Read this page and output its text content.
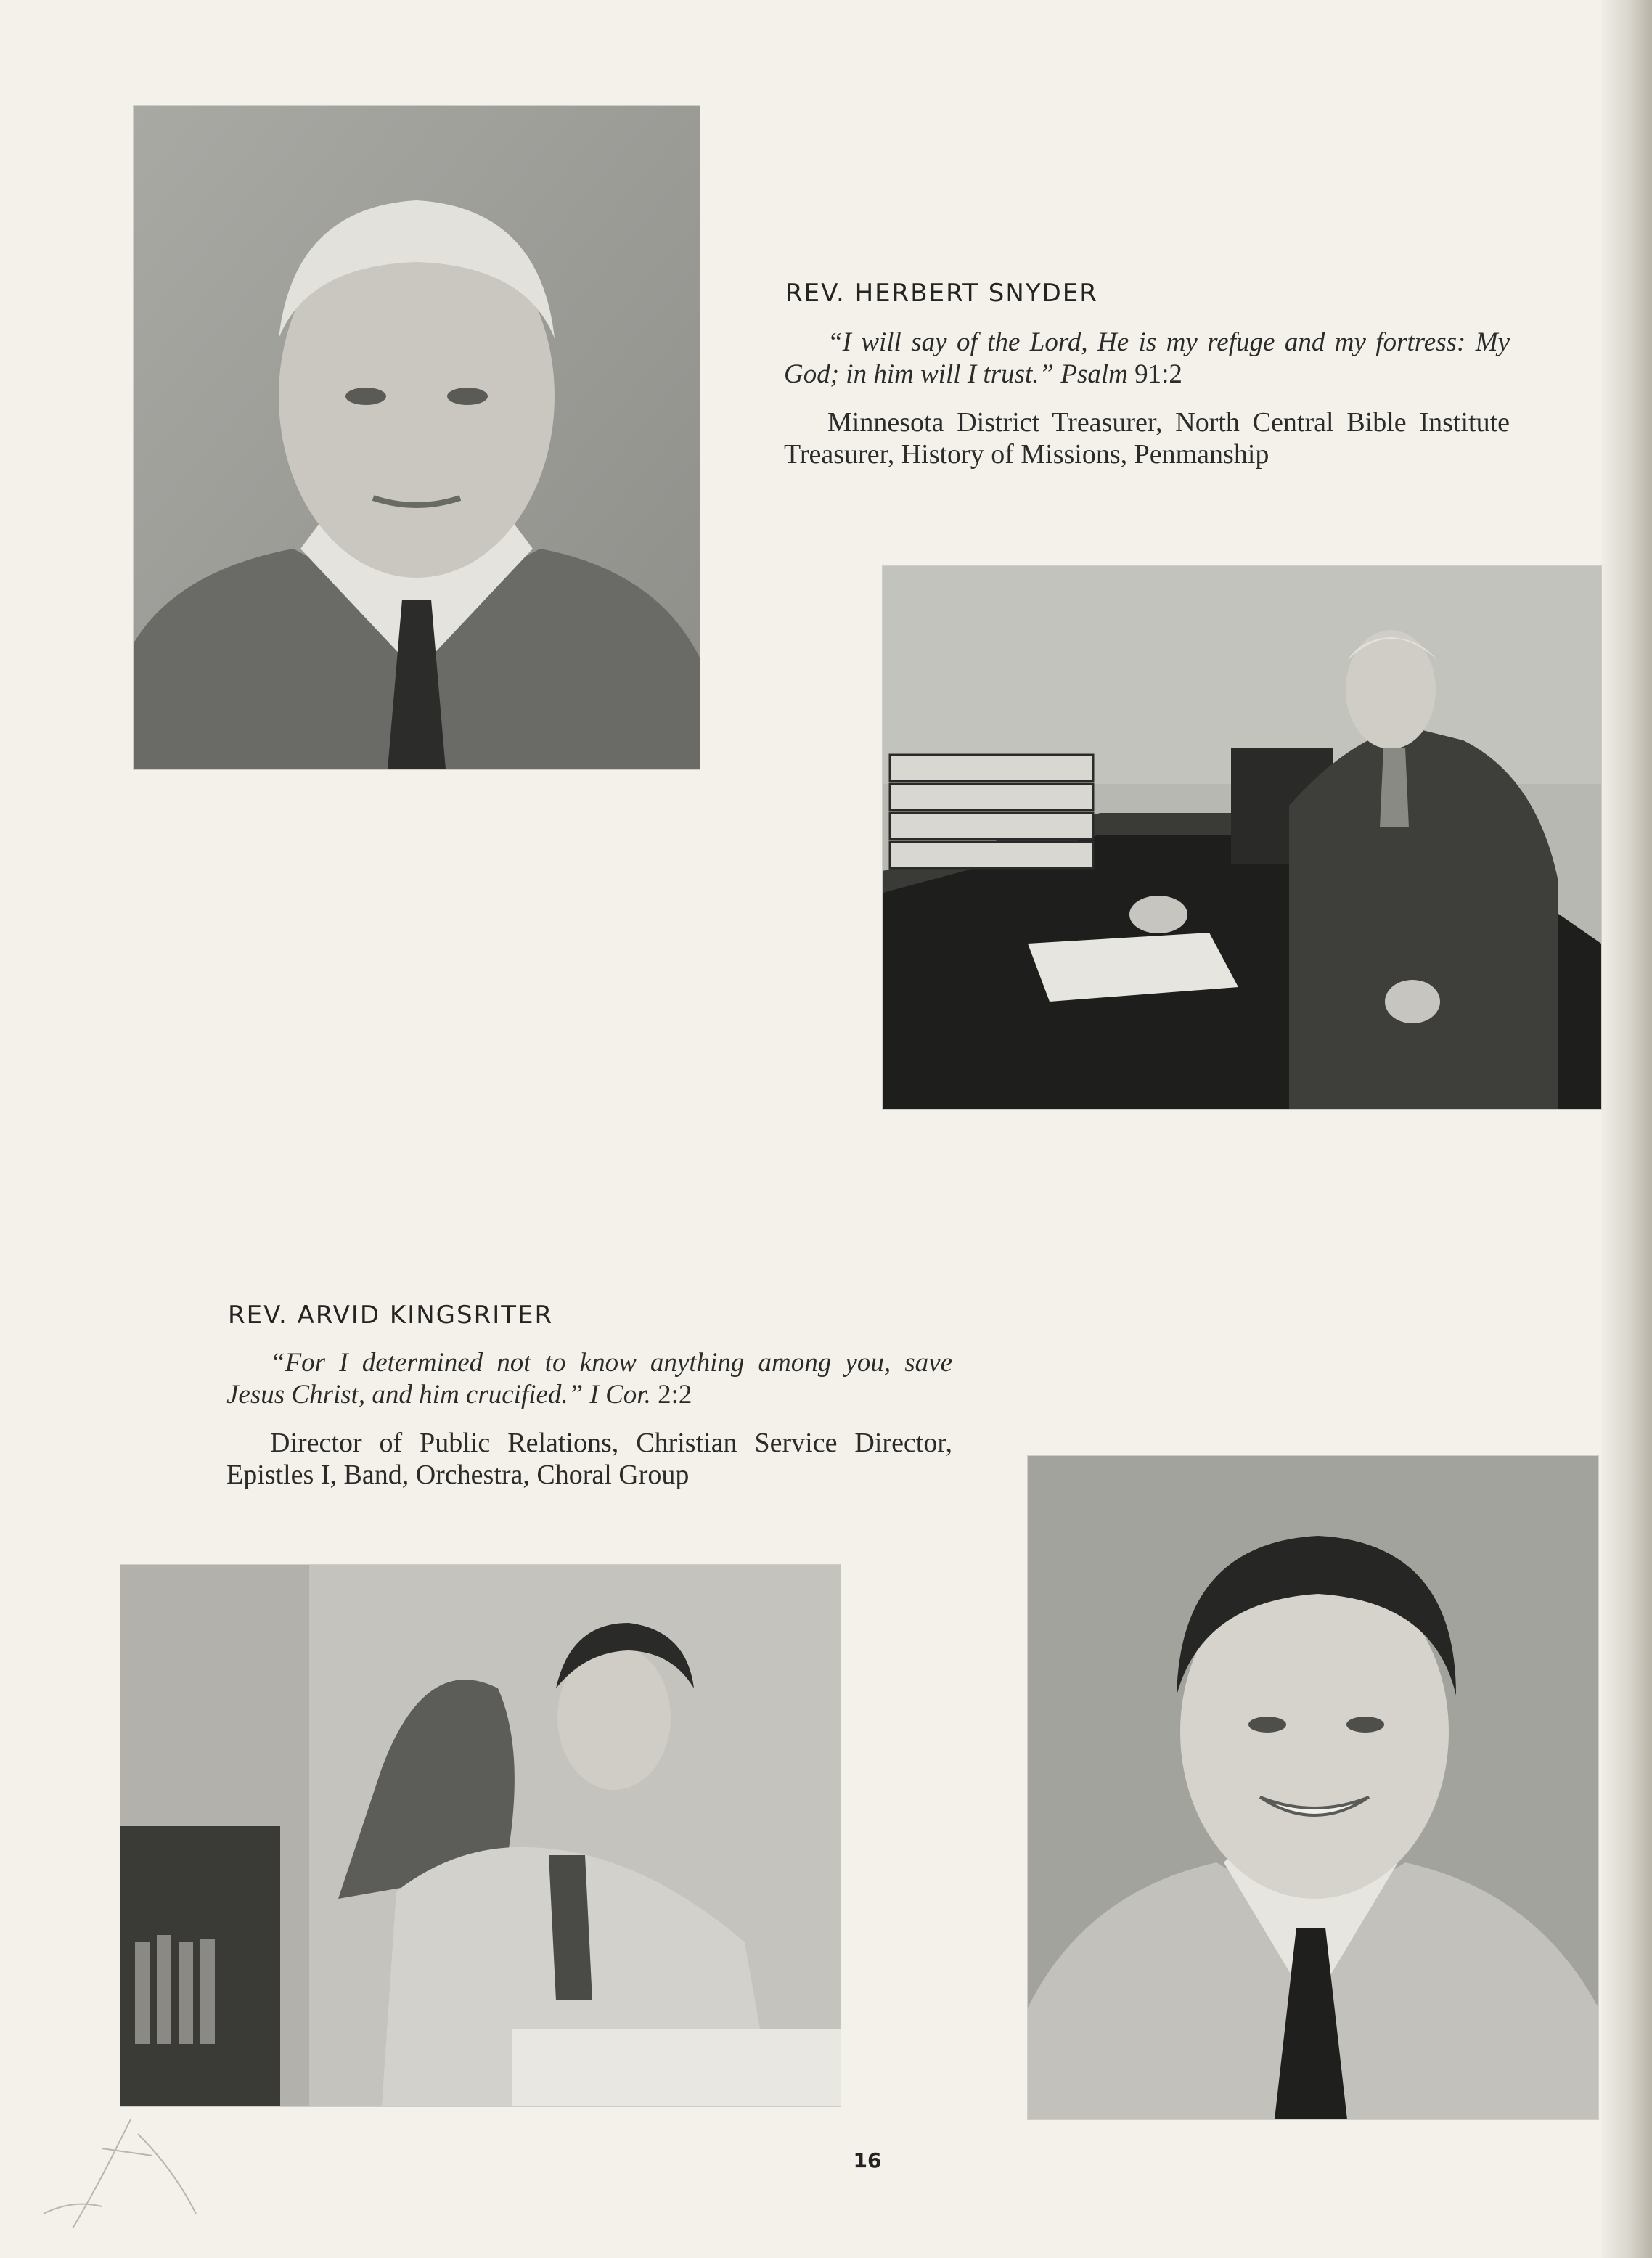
REV. HERBERT SNYDER
“I will say of the Lord, He is my refuge and my fortress: My God; in him will I trust.” Psalm 91:2
Minnesota District Treasurer, North Central Bible Institute Treasurer, History of Missions, Penmanship
REV. ARVID KINGSRITER
“For I determined not to know anything among you, save Jesus Christ, and him crucified.” I Cor. 2:2
Director of Public Relations, Christian Service Director, Epistles I, Band, Orchestra, Choral Group
16
